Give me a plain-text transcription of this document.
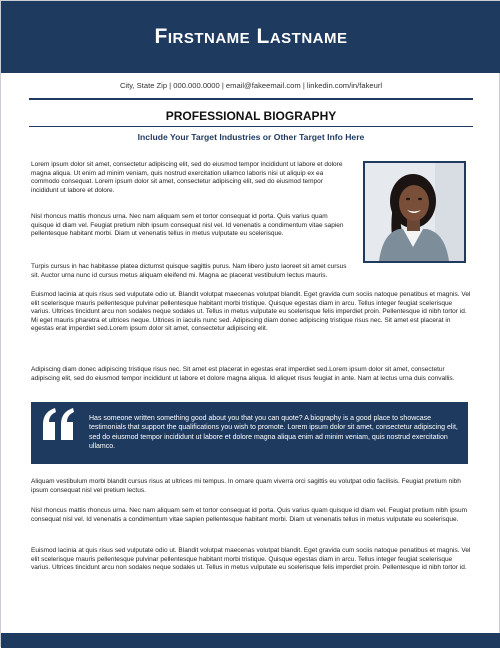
Firstname Lastname
City, State Zip | 000.000.0000 | email@fakeemail.com | linkedin.com/in/fakeurl
PROFESSIONAL BIOGRAPHY
Include Your Target Industries or Other Target Info Here

Lorem ipsum dolor sit amet, consectetur adipiscing elit, sed do eiusmod tempor incididunt ut labore et dolore magna aliqua. Ut enim ad minim veniam, quis nostrud exercitation ullamco laboris nisi ut aliquip ex ea commodo consequat. Lorem ipsum dolor sit amet, consectetur adipiscing elit, sed do eiusmod tempor incididunt ut labore et dolore.

Nisl rhoncus mattis rhoncus urna. Nec nam aliquam sem et tortor consequat id porta. Quis varius quam quisque id diam vel. Feugiat pretium nibh ipsum consequat nisl vel. Id venenatis a condimentum vitae sapien pellentesque habitant morbi. Diam ut venenatis tellus in metus vulputate eu scelerisque.

Turpis cursus in hac habitasse platea dictumst quisque sagittis purus. Nam libero justo laoreet sit amet cursus sit. Auctor urna nunc id cursus metus aliquam eleifend mi. Magna ac placerat vestibulum lectus mauris.

Euismod lacinia at quis risus sed vulputate odio ut. Blandit volutpat maecenas volutpat blandit. Eget gravida cum sociis natoque penatibus et magnis. Vel elit scelerisque mauris pellentesque pulvinar pellentesque habitant morbi tristique. Quisque egestas diam in arcu. Tellus integer feugiat scelerisque varius. Ultrices tincidunt arcu non sodales neque sodales ut. Tellus in metus vulputate eu scelerisque felis imperdiet proin. Pellentesque id nibh tortor id. Mi eget mauris pharetra et ultrices neque. Ultrices in iaculis nunc sed. Adipiscing diam donec adipiscing tristique risus nec. Sit amet est placerat in egestas erat imperdiet sed.Lorem ipsum dolor sit amet, consectetur adipiscing elit.

Adipiscing diam donec adipiscing tristique risus nec. Sit amet est placerat in egestas erat imperdiet sed.Lorem ipsum dolor sit amet, consectetur adipiscing elit, sed do eiusmod tempor incididunt ut labore et dolore magna aliqua. Id aliquet risus feugiat in ante. Nam at lectus urna duis convallis.

Has someone written something good about you that you can quote? A biography is a good place to showcase testimonials that support the qualifications you wish to promote. Lorem ipsum dolor sit amet, consectetur adipiscing elit, sed do eiusmod tempor incididunt ut labore et dolore magna aliqua enim ad minim veniam, quis nostrud exercitation ullamco.

Aliquam vestibulum morbi blandit cursus risus at ultrices mi tempus. In ornare quam viverra orci sagittis eu volutpat odio facilisis. Feugiat pretium nibh ipsum consequat nisl vel pretium lectus.

Nisl rhoncus mattis rhoncus urna. Nec nam aliquam sem et tortor consequat id porta. Quis varius quam quisque id diam vel. Feugiat pretium nibh ipsum consequat nisl vel. Id venenatis a condimentum vitae sapien pellentesque habitant morbi. Diam ut venenatis tellus in metus vulputate eu scelerisque.

Euismod lacinia at quis risus sed vulputate odio ut. Blandit volutpat maecenas volutpat blandit. Eget gravida cum sociis natoque penatibus et magnis. Vel elit scelerisque mauris pellentesque pulvinar pellentesque habitant morbi tristique. Quisque egestas diam in arcu. Tellus integer feugiat scelerisque varius. Ultrices tincidunt arcu non sodales neque sodales ut. Tellus in metus vulputate eu scelerisque felis imperdiet proin. Pellentesque id nibh tortor id.
